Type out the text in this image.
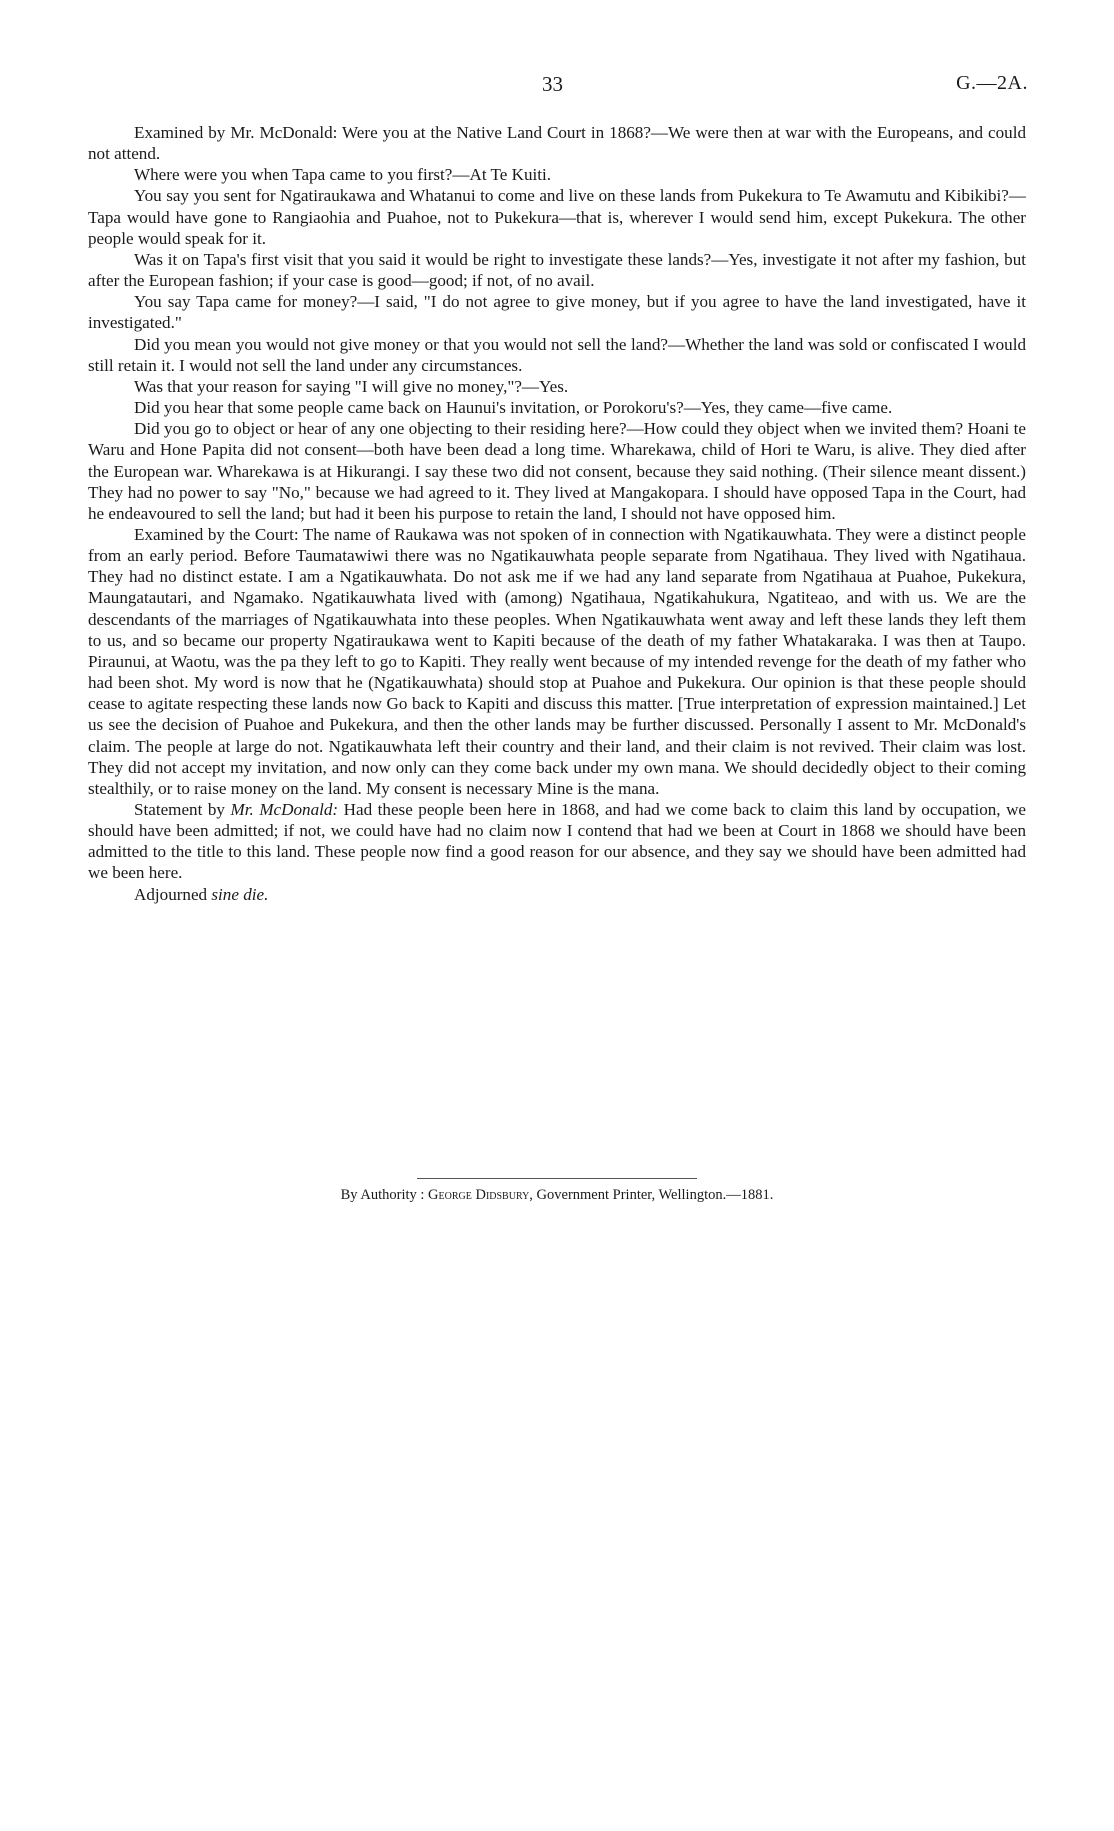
33	G.—2A.

Examined by Mr. McDonald: Were you at the Native Land Court in 1868?—We were then at war with the Europeans, and could not attend.

Where were you when Tapa came to you first?—At Te Kuiti.

You say you sent for Ngatiraukawa and Whatanui to come and live on these lands from Pukekura to Te Awamutu and Kibikibi?—Tapa would have gone to Rangiaohia and Puahoe, not to Pukekura—that is, wherever I would send him, except Pukekura. The other people would speak for it.

Was it on Tapa's first visit that you said it would be right to investigate these lands?—Yes, investigate it not after my fashion, but after the European fashion; if your case is good—good; if not, of no avail.

You say Tapa came for money?—I said, "I do not agree to give money, but if you agree to have the land investigated, have it investigated."

Did you mean you would not give money or that you would not sell the land?—Whether the land was sold or confiscated I would still retain it. I would not sell the land under any circumstances.

Was that your reason for saying "I will give no money,"?—Yes.

Did you hear that some people came back on Haunui's invitation, or Porokoru's?—Yes, they came—five came.

Did you go to object or hear of any one objecting to their residing here?—How could they object when we invited them? Hoani te Waru and Hone Papita did not consent—both have been dead a long time. Wharekawa, child of Hori te Waru, is alive. They died after the European war. Wharekawa is at Hikurangi. I say these two did not consent, because they said nothing. (Their silence meant dissent.) They had no power to say "No," because we had agreed to it. They lived at Mangakopara. I should have opposed Tapa in the Court, had he endeavoured to sell the land; but had it been his purpose to retain the land, I should not have opposed him.

Examined by the Court: The name of Raukawa was not spoken of in connection with Ngatikauwhata. They were a distinct people from an early period. Before Taumatawiwi there was no Ngatikauwhata people separate from Ngatihaua. They lived with Ngatihaua. They had no distinct estate. I am a Ngatikauwhata. Do not ask me if we had any land separate from Ngatihaua at Puahoe, Pukekura, Maungatautari, and Ngamako. Ngatikauwhata lived with (among) Ngatihaua, Ngatikahukura, Ngatiteao, and with us. We are the descendants of the marriages of Ngatikauwhata into these peoples. When Ngatikauwhata went away and left these lands they left them to us, and so became our property Ngatiraukawa went to Kapiti because of the death of my father Whatakaraka. I was then at Taupo. Piraunui, at Waotu, was the pa they left to go to Kapiti. They really went because of my intended revenge for the death of my father who had been shot. My word is now that he (Ngatikauwhata) should stop at Puahoe and Pukekura. Our opinion is that these people should cease to agitate respecting these lands now Go back to Kapiti and discuss this matter. [True interpretation of expression maintained.] Let us see the decision of Puahoe and Pukekura, and then the other lands may be further discussed. Personally I assent to Mr. McDonald's claim. The people at large do not. Ngatikauwhata left their country and their land, and their claim is not revived. Their claim was lost. They did not accept my invitation, and now only can they come back under my own mana. We should decidedly object to their coming stealthily, or to raise money on the land. My consent is necessary Mine is the mana.

Statement by Mr. McDonald: Had these people been here in 1868, and had we come back to claim this land by occupation, we should have been admitted; if not, we could have had no claim now I contend that had we been at Court in 1868 we should have been admitted to the title to this land. These people now find a good reason for our absence, and they say we should have been admitted had we been here.

Adjourned sine die.

By Authority : George Didsbury, Government Printer, Wellington.—1881.
